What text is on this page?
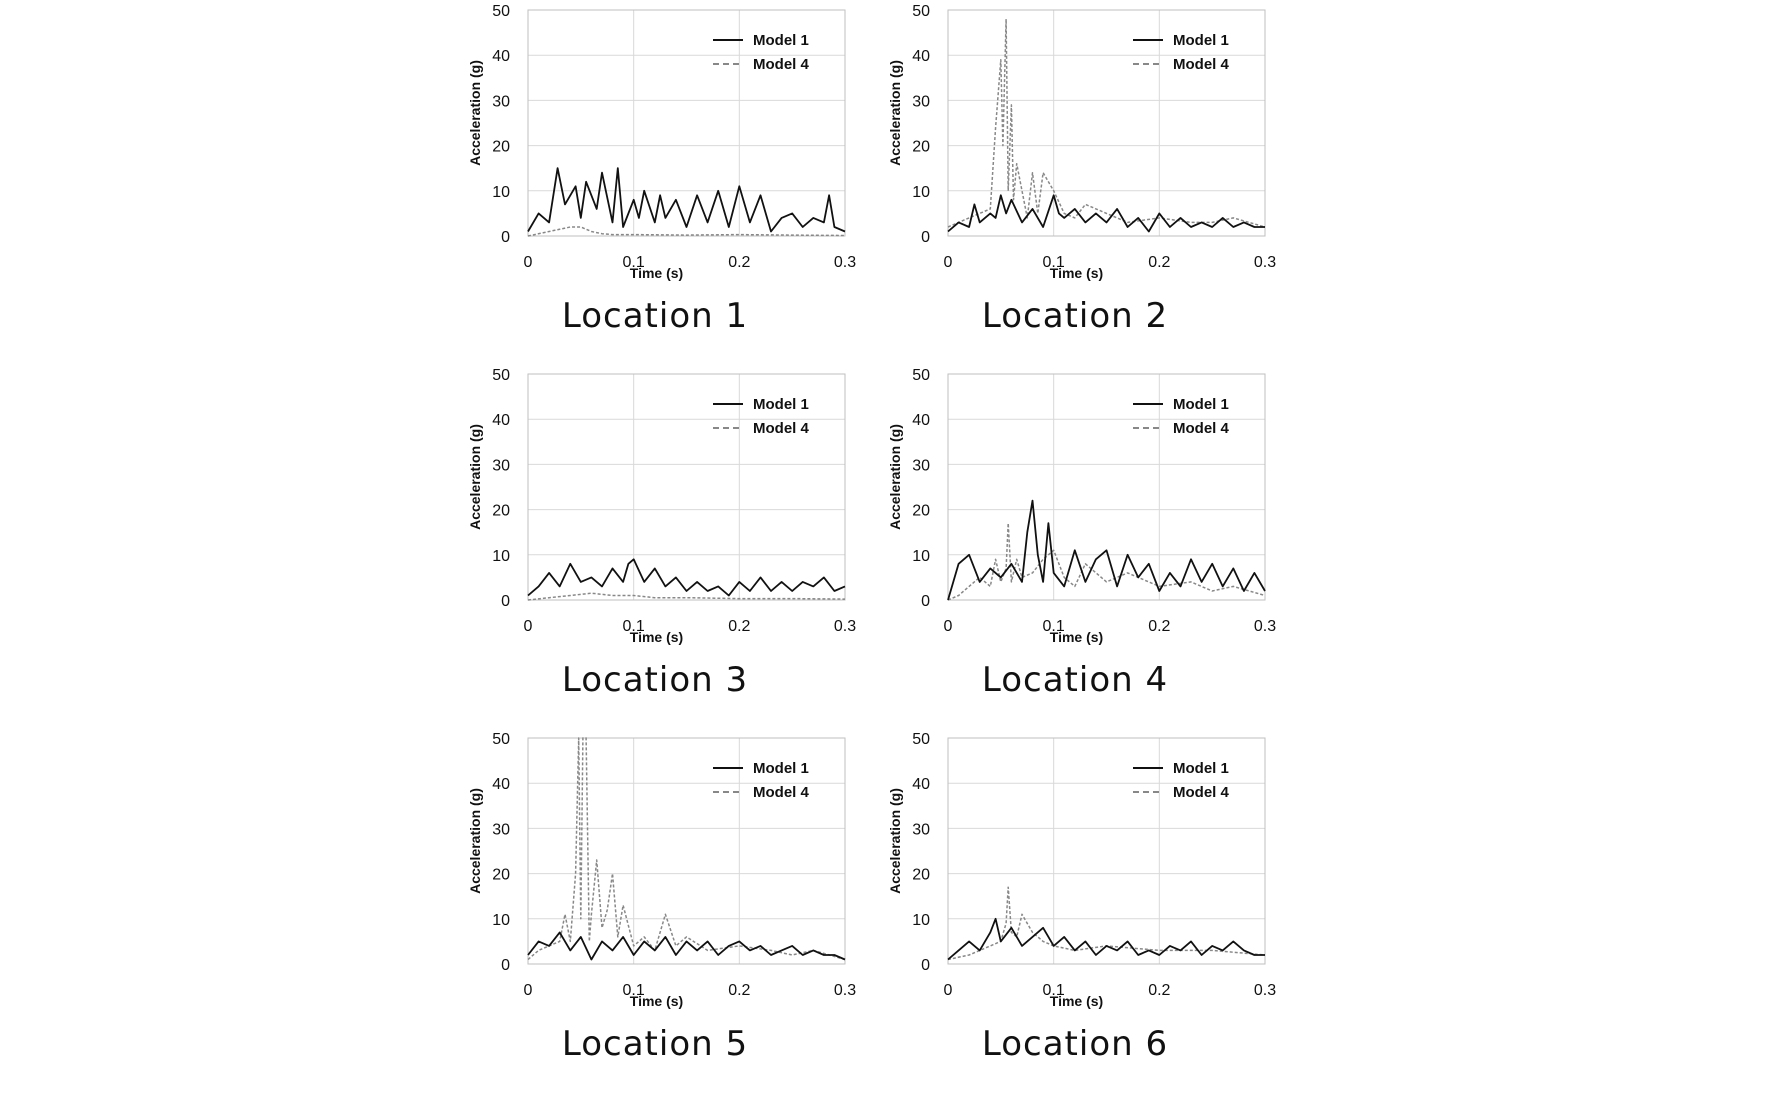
0
10
20
30
40
50
0	0.1	0.2	0.3
Time (s)
Acceleration (g)
Model 1
Model 4
Location 1
0
10
20
30
40
50
0	0.1	0.2	0.3
Time (s)
Acceleration (g)
Model 1
Model 4
Location 2
0
10
20
30
40
50
0	0.1	0.2	0.3
Time (s)
Acceleration (g)
Model 1
Model 4
Location 3
0
10
20
30
40
50
0	0.1	0.2	0.3
Time (s)
Acceleration (g)
Model 1
Model 4
Location 4
0
10
20
30
40
50
0	0.1	0.2	0.3
Time (s)
Acceleration (g)
Model 1
Model 4
Location 5
0
10
20
30
40
50
0	0.1	0.2	0.3
Time (s)
Acceleration (g)
Model 1
Model 4
Location 6
